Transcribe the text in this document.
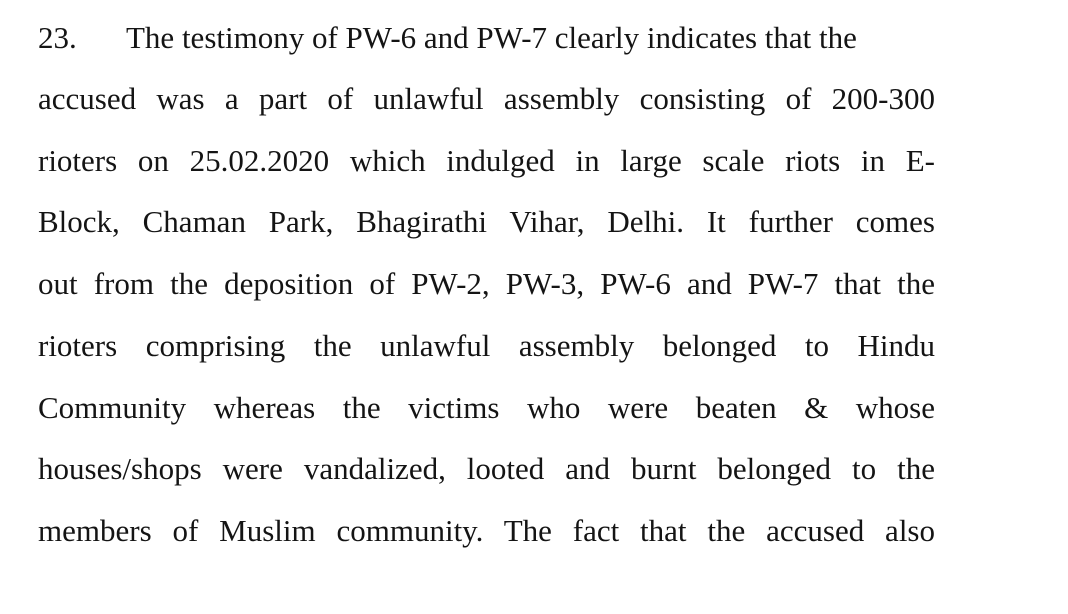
23. The testimony of PW-6 and PW-7 clearly indicates that the
accused was a part of unlawful assembly consisting of 200-300
rioters on 25.02.2020 which indulged in large scale riots in E-
Block, Chaman Park, Bhagirathi Vihar, Delhi. It further comes
out from the deposition of PW-2, PW-3, PW-6 and PW-7 that the
rioters comprising the unlawful assembly belonged to Hindu
Community whereas the victims who were beaten & whose
houses/shops were vandalized, looted and burnt belonged to the
members of Muslim community. The fact that the accused also
